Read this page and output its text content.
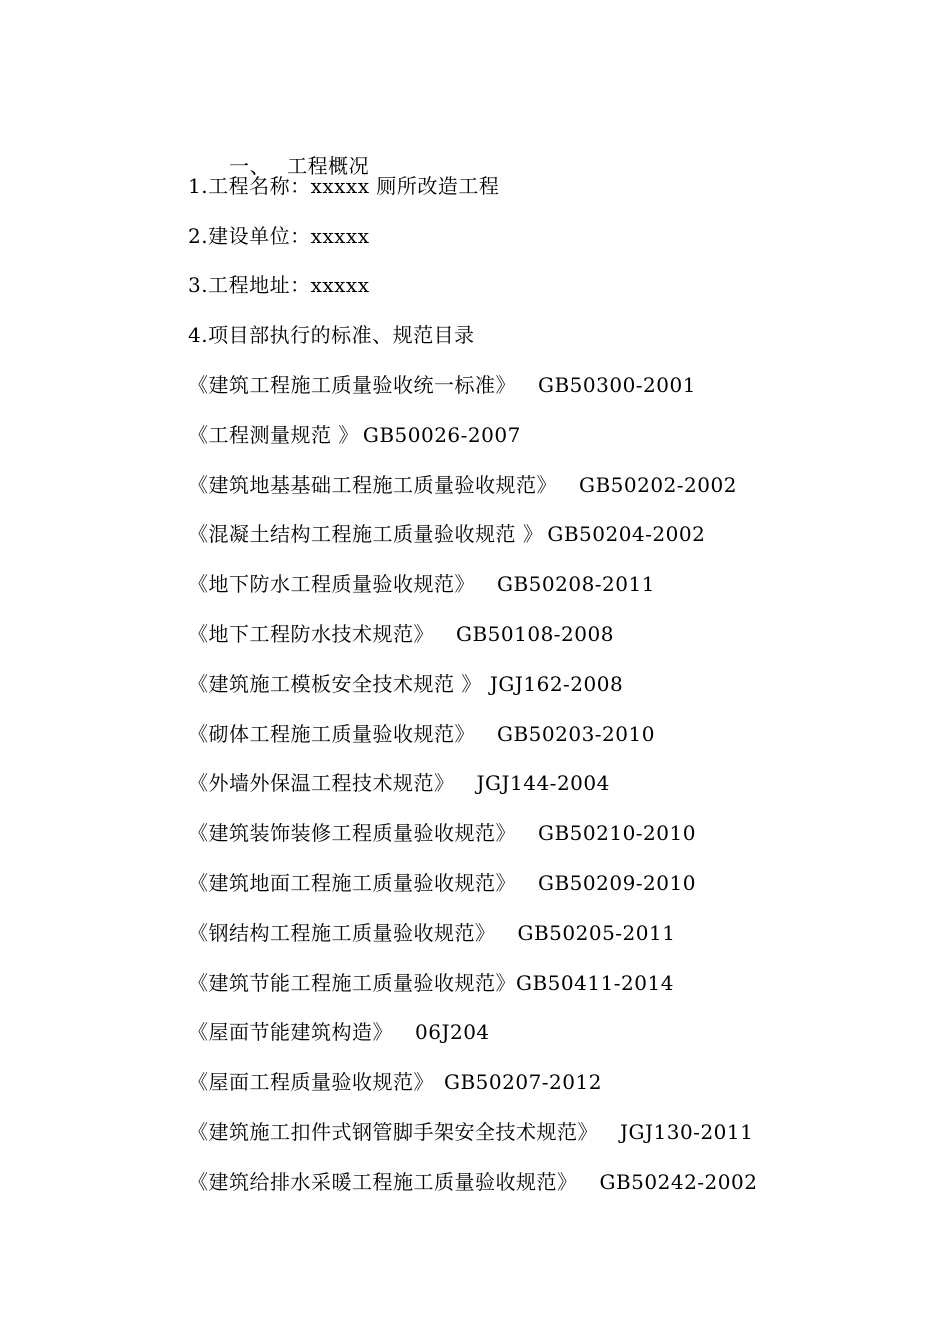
一、 工程概况

1.工程名称：xxxxx 厕所改造工程
2.建设单位：xxxxx
3.工程地址：xxxxx
4.项目部执行的标准、规范目录
《建筑工程施工质量验收统一标准》 GB50300-2001
《工程测量规范 》 GB50026-2007
《建筑地基基础工程施工质量验收规范》 GB50202-2002
《混凝土结构工程施工质量验收规范 》 GB50204-2002
《地下防水工程质量验收规范》 GB50208-2011
《地下工程防水技术规范》 GB50108-2008
《建筑施工模板安全技术规范 》 JGJ162-2008
《砌体工程施工质量验收规范》 GB50203-2010
《外墙外保温工程技术规范》 JGJ144-2004
《建筑装饰装修工程质量验收规范》 GB50210-2010
《建筑地面工程施工质量验收规范》 GB50209-2010
《钢结构工程施工质量验收规范》 GB50205-2011
《建筑节能工程施工质量验收规范》GB50411-2014
《屋面节能建筑构造》 06J204
《屋面工程质量验收规范》 GB50207-2012
《建筑施工扣件式钢管脚手架安全技术规范》 JGJ130-2011
《建筑给排水采暖工程施工质量验收规范》 GB50242-2002
